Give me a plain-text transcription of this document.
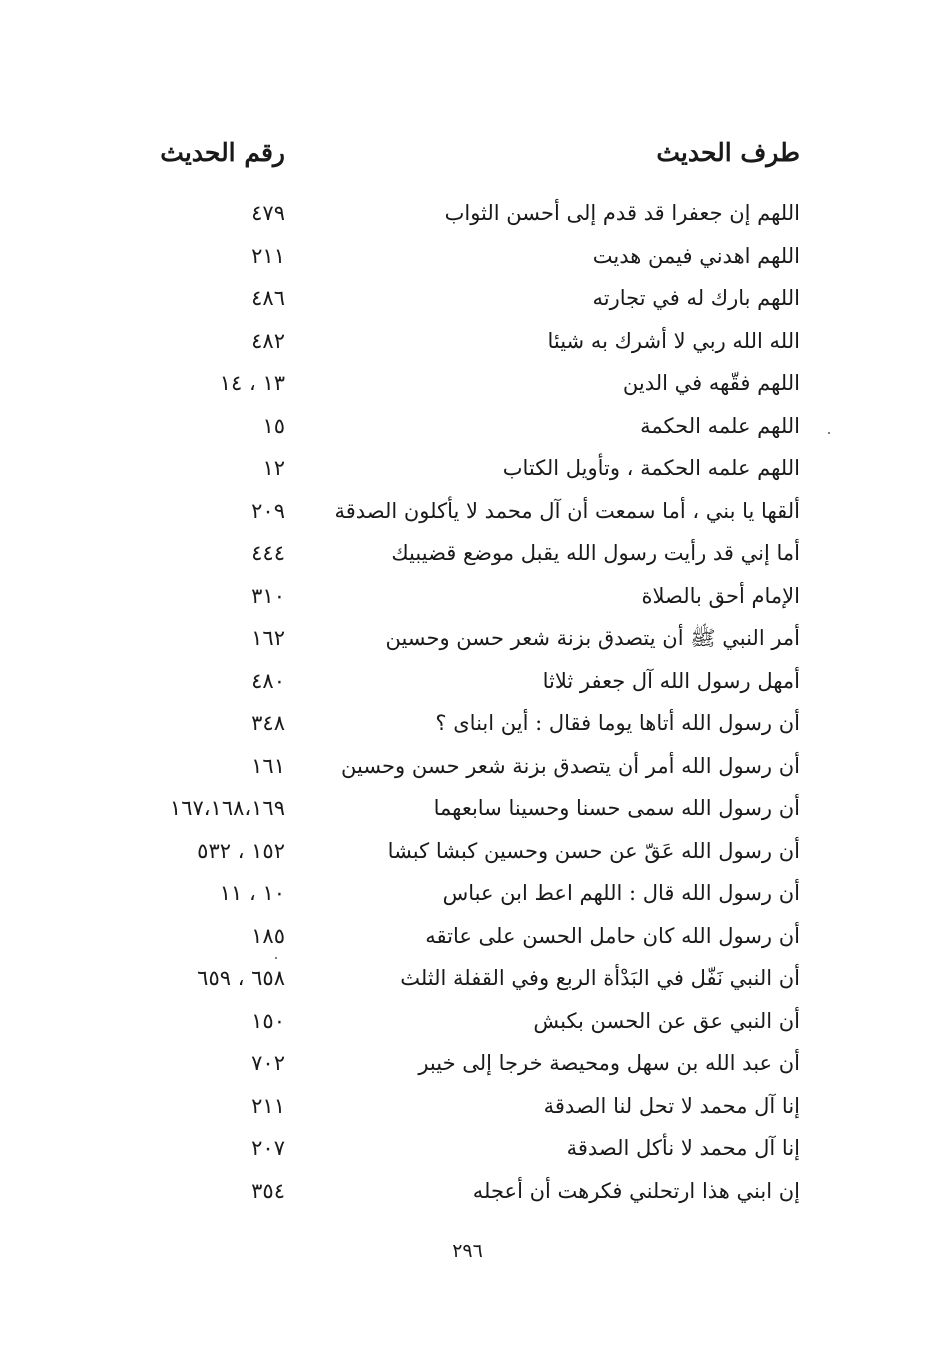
طرف الحديث
رقم الحديث
اللهم إن جعفرا قد قدم إلى أحسن الثواب
٤٧٩
اللهم اهدني فيمن هديت
٢١١
اللهم بارك له في تجارته
٤٨٦
الله الله ربي لا أشرك به شيئا
٤٨٢
اللهم فقّهه في الدين
١٣ ، ١٤
اللهم علمه الحكمة
١٥
اللهم علمه الحكمة ، وتأويل الكتاب
١٢
ألقها يا بني ، أما سمعت أن آل محمد لا يأكلون الصدقة
٢٠٩
أما إني قد رأيت رسول الله يقبل موضع قضيبيك
٤٤٤
الإمام أحق بالصلاة
٣١٠
أمر النبي ﷺ أن يتصدق بزنة شعر حسن وحسين
١٦٢
أمهل رسول الله آل جعفر ثلاثا
٤٨٠
أن رسول الله أتاها يوما فقال : أين ابناى ؟
٣٤٨
أن رسول الله أمر أن يتصدق بزنة شعر حسن وحسين
١٦١
أن رسول الله سمى حسنا وحسينا سابعهما
١٦٧،١٦٨،١٦٩
أن رسول الله عَقّ عن حسن وحسين كبشا كبشا
١٥٢ ، ٥٣٢
أن رسول الله قال : اللهم اعط ابن عباس
١٠ ، ١١
أن رسول الله كان حامل الحسن على عاتقه
١٨٥
أن النبي نَفّل في البَدْأة الربع وفي القفلة الثلث
٦٥٨ ، ٦٥٩
أن النبي عق عن الحسن بكبش
١٥٠
أن عبد الله بن سهل ومحيصة خرجا إلى خيبر
٧٠٢
إنا آل محمد لا تحل لنا الصدقة
٢١١
إنا آل محمد لا نأكل الصدقة
٢٠٧
إن ابني هذا ارتحلني فكرهت أن أعجله
٣٥٤
٢٩٦
